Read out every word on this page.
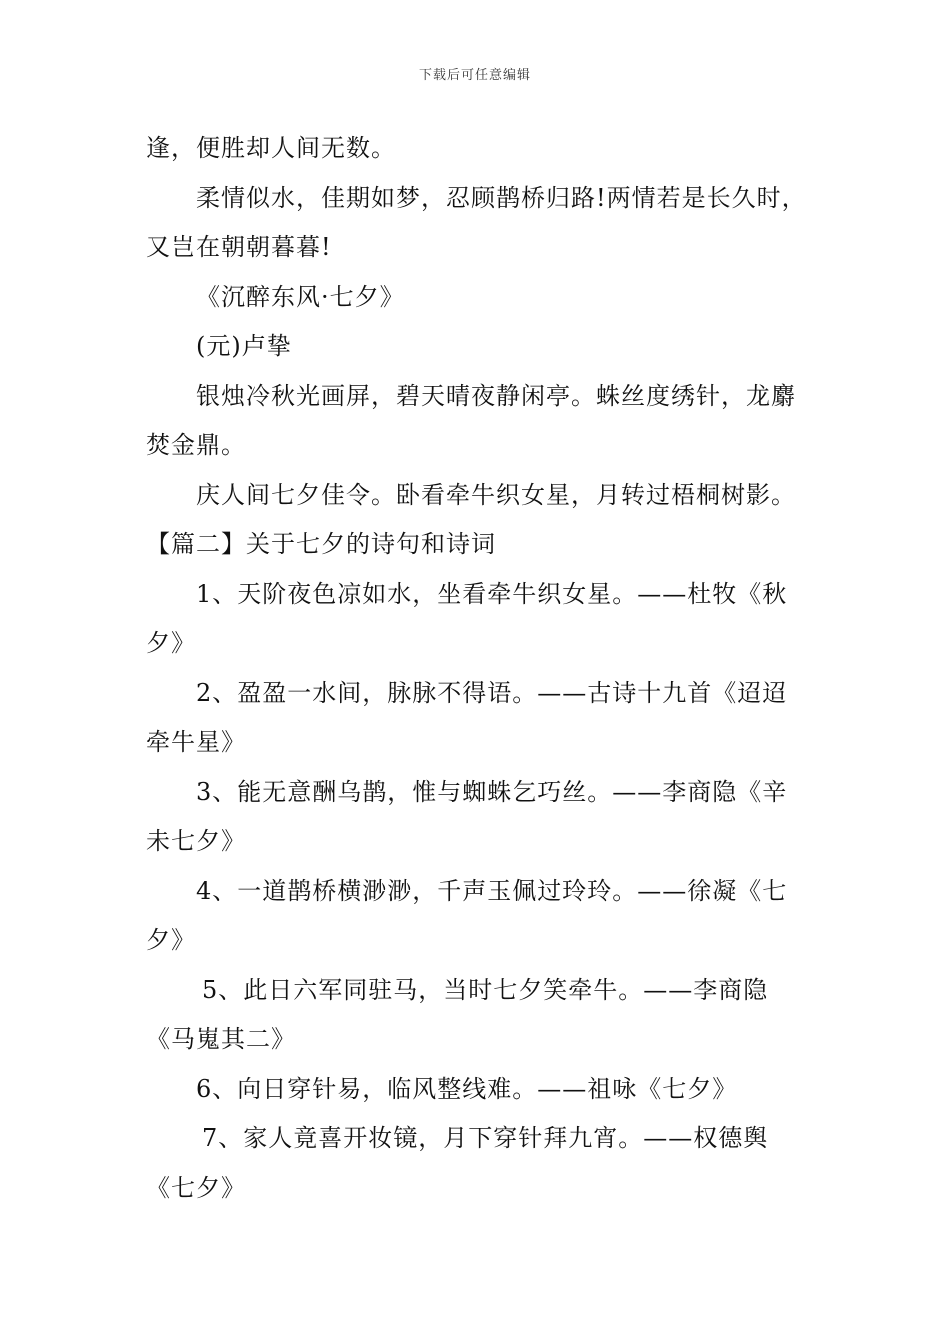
下载后可任意编辑

逢，便胜却人间无数。

柔情似水，佳期如梦，忍顾鹊桥归路!两情若是长久时，又岂在朝朝暮暮!

《沉醉东风·七夕》

(元)卢挚

银烛冷秋光画屏，碧天晴夜静闲亭。蛛丝度绣针，龙麝焚金鼎。

庆人间七夕佳令。卧看牵牛织女星，月转过梧桐树影。

【篇二】关于七夕的诗句和诗词

1、天阶夜色凉如水，坐看牵牛织女星。——杜牧《秋夕》

2、盈盈一水间，脉脉不得语。——古诗十九首《迢迢牵牛星》

3、能无意酬乌鹊，惟与蜘蛛乞巧丝。——李商隐《辛未七夕》

4、一道鹊桥横渺渺，千声玉佩过玲玲。——徐凝《七夕》

5、此日六军同驻马，当时七夕笑牵牛。——李商隐《马嵬其二》

6、向日穿针易，临风整线难。——祖咏《七夕》

7、家人竟喜开妆镜，月下穿针拜九宵。——权德舆《七夕》
